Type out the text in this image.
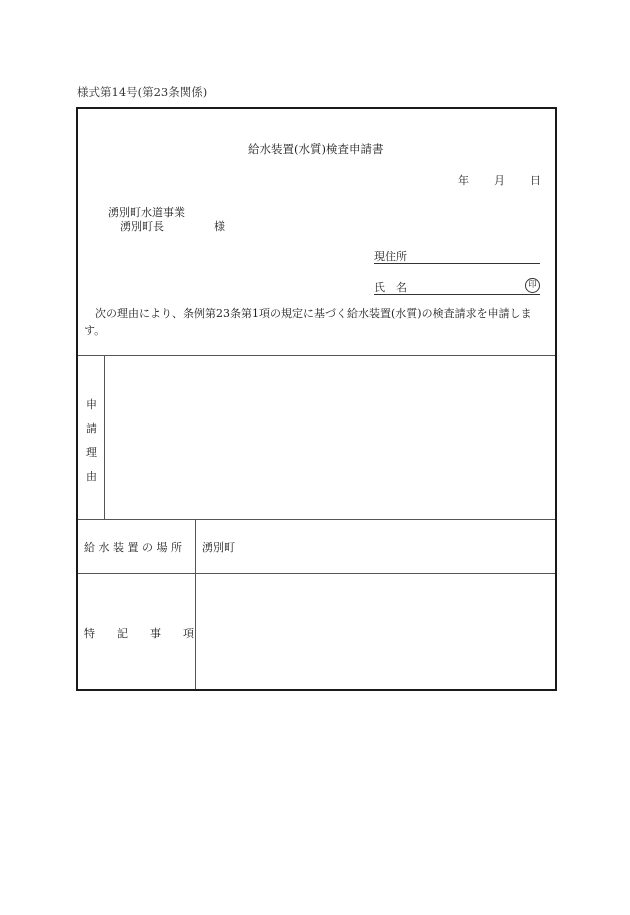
様式第14号(第23条関係)
給水装置(水質)検査申請書
年 月 日
湧別町水道事業
湧別町長	様
現住所
氏　名	印
次の理由により、条例第23条第1項の規定に基づく給水装置(水質)の検査請求を申請します。
申
請
理
由
給 水 装 置 の 場 所 湧別町
特　　記　　事　　項
